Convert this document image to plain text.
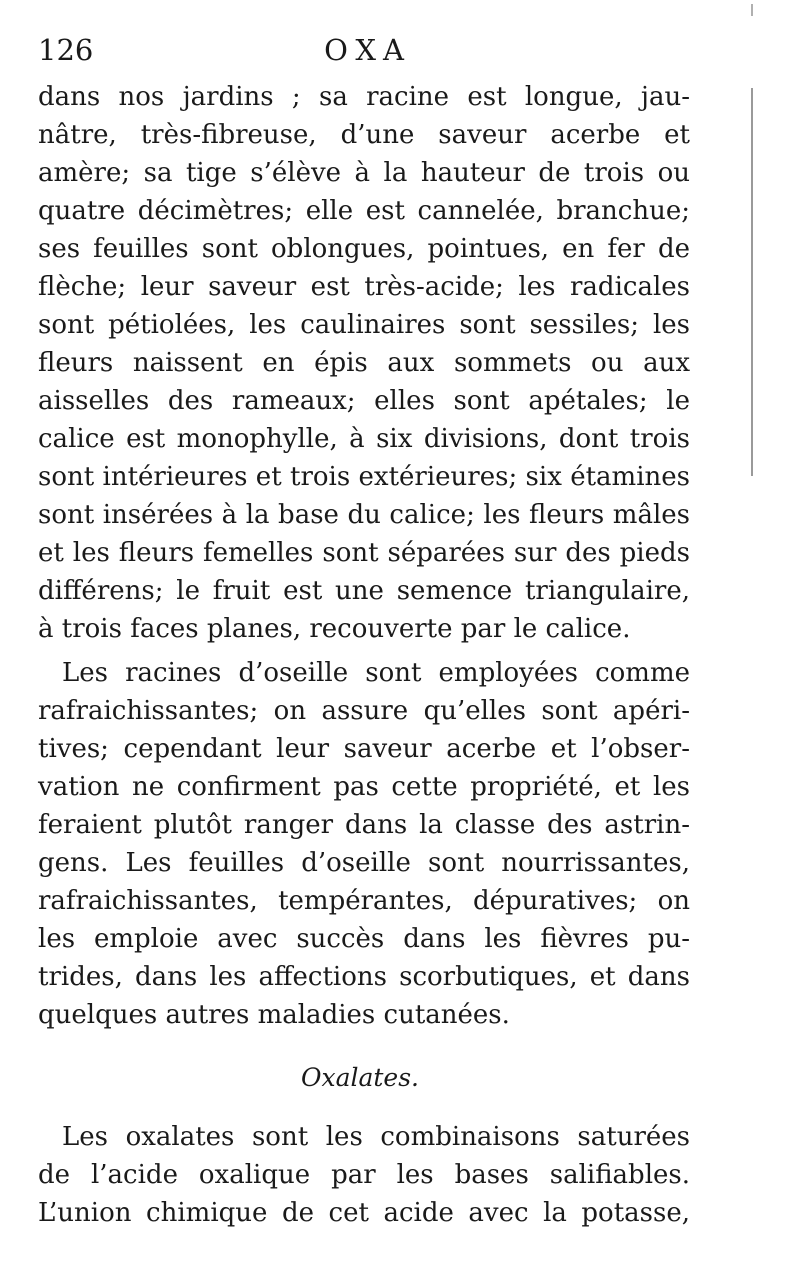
126	OXA
dans nos jardins ; sa racine est longue, jau-
nâtre, très-fibreuse, d’une saveur acerbe et
amère; sa tige s’élève à la hauteur de trois ou
quatre décimètres; elle est cannelée, branchue;
ses feuilles sont oblongues, pointues, en fer de
flèche; leur saveur est très-acide; les radicales
sont pétiolées, les caulinaires sont sessiles; les
fleurs naissent en épis aux sommets ou aux
aisselles des rameaux; elles sont apétales; le
calice est monophylle, à six divisions, dont trois
sont intérieures et trois extérieures; six étamines
sont insérées à la base du calice; les fleurs mâles
et les fleurs femelles sont séparées sur des pieds
différens; le fruit est une semence triangulaire,
à trois faces planes, recouverte par le calice.
Les racines d’oseille sont employées comme
rafraichissantes; on assure qu’elles sont apéri-
tives; cependant leur saveur acerbe et l’obser-
vation ne confirment pas cette propriété, et les
feraient plutôt ranger dans la classe des astrin-
gens. Les feuilles d’oseille sont nourrissantes,
rafraichissantes, tempérantes, dépuratives; on
les emploie avec succès dans les fièvres pu-
trides, dans les affections scorbutiques, et dans
quelques autres maladies cutanées.
Oxalates.
Les oxalates sont les combinaisons saturées
de l’acide oxalique par les bases salifiables.
L’union chimique de cet acide avec la potasse,
